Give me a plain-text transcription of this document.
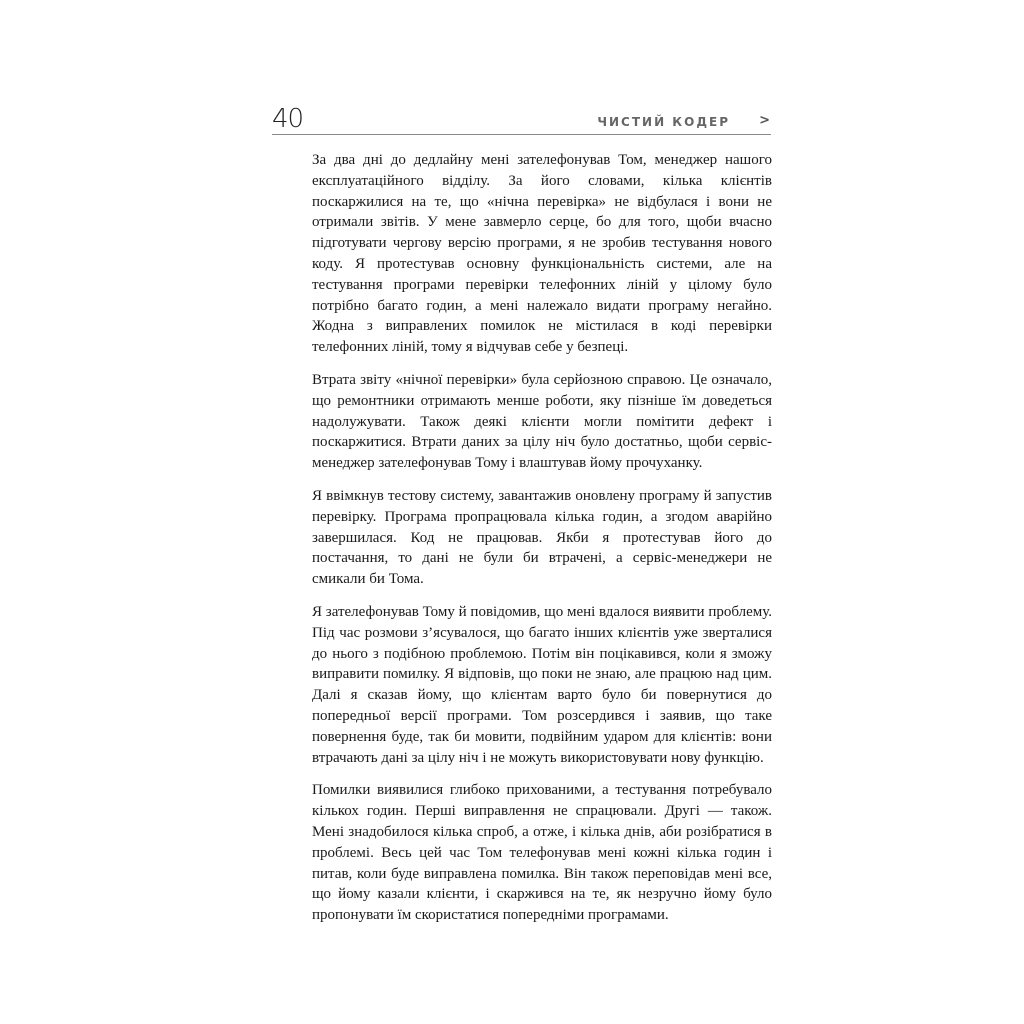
40	ЧИСТИЙ КОДЕР >

За два дні до дедлайну мені зателефонував Том, менеджер нашого експлуатаційного відділу. За його словами, кілька клієнтів поскаржилися на те, що «нічна перевірка» не відбулася і вони не отримали звітів. У мене завмерло серце, бо для того, щоби вчасно підготувати чергову версію програми, я не зробив тестування нового коду. Я протестував основну функціональність системи, але на тестування програми перевірки телефонних ліній у цілому було потрібно багато годин, а мені належало видати програму негайно. Жодна з виправлених помилок не містилася в коді перевірки телефонних ліній, тому я відчував себе у безпеці.

Втрата звіту «нічної перевірки» була серйозною справою. Це означало, що ремонтники отримають менше роботи, яку пізніше їм доведеться надолужувати. Також деякі клієнти могли помітити дефект і поскаржитися. Втрати даних за цілу ніч було достатньо, щоби сервіс-менеджер зателефонував Тому і влаштував йому прочуханку.

Я ввімкнув тестову систему, завантажив оновлену програму й запустив перевірку. Програма пропрацювала кілька годин, а згодом аварійно завершилася. Код не працював. Якби я протестував його до постачання, то дані не були би втрачені, а сервіс-менеджери не смикали би Тома.

Я зателефонував Тому й повідомив, що мені вдалося виявити проблему. Під час розмови з’ясувалося, що багато інших клієнтів уже зверталися до нього з подібною проблемою. Потім він поцікавився, коли я зможу виправити помилку. Я відповів, що поки не знаю, але працюю над цим. Далі я сказав йому, що клієнтам варто було би повернутися до попередньої версії програми. Том розсердився і заявив, що таке повернення буде, так би мовити, подвійним ударом для клієнтів: вони втрачають дані за цілу ніч і не можуть використовувати нову функцію.

Помилки виявилися глибоко прихованими, а тестування потребувало кількох годин. Перші виправлення не спрацювали. Другі — також. Мені знадобилося кілька спроб, а отже, і кілька днів, аби розібратися в проблемі. Весь цей час Том телефонував мені кожні кілька годин і питав, коли буде виправлена помилка. Він також переповідав мені все, що йому казали клієнти, і скаржився на те, як незручно йому було пропонувати їм скористатися попередніми програмами.
